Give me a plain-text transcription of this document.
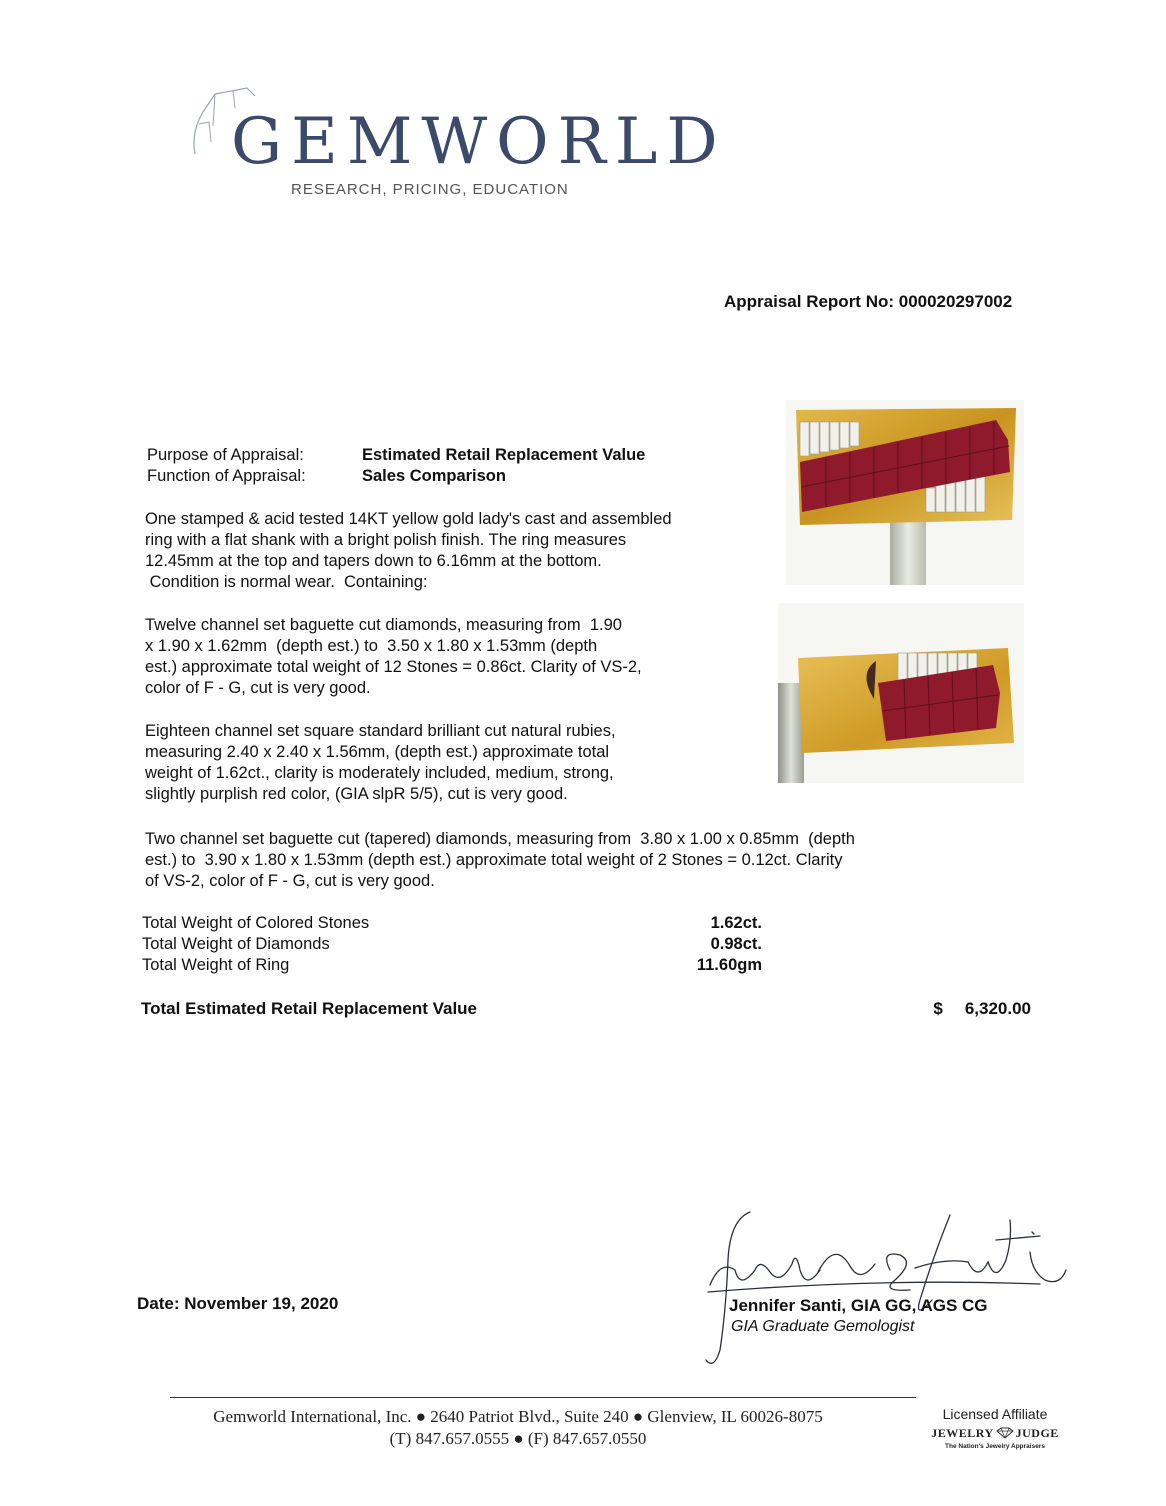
GEMWORLD
RESEARCH, PRICING, EDUCATION
Appraisal Report No: 000020297002
Purpose of Appraisal:	Estimated Retail Replacement Value
Function of Appraisal:	Sales Comparison
One stamped & acid tested 14KT yellow gold lady's cast and assembled
ring with a flat shank with a bright polish finish. The ring measures
12.45mm at the top and tapers down to 6.16mm at the bottom.
Condition is normal wear.  Containing:
Twelve channel set baguette cut diamonds, measuring from  1.90
x 1.90 x 1.62mm  (depth est.) to  3.50 x 1.80 x 1.53mm (depth
est.) approximate total weight of 12 Stones = 0.86ct. Clarity of VS-2,
color of F - G, cut is very good.
Eighteen channel set square standard brilliant cut natural rubies,
measuring 2.40 x 2.40 x 1.56mm, (depth est.) approximate total
weight of 1.62ct., clarity is moderately included, medium, strong,
slightly purplish red color, (GIA slpR 5/5), cut is very good.
Two channel set baguette cut (tapered) diamonds, measuring from  3.80 x 1.00 x 0.85mm  (depth
est.) to  3.90 x 1.80 x 1.53mm (depth est.) approximate total weight of 2 Stones = 0.12ct. Clarity
of VS-2, color of F - G, cut is very good.
Total Weight of Colored Stones	1.62ct.
Total Weight of Diamonds	0.98ct.
Total Weight of Ring	11.60gm
Total Estimated Retail Replacement Value	$ 6,320.00
Date: November 19, 2020	Jennifer Santi, GIA GG, AGS CG
GIA Graduate Gemologist
Gemworld International, Inc. ● 2640 Patriot Blvd., Suite 240 ● Glenview, IL 60026-8075
(T) 847.657.0555 ● (F) 847.657.0550
Licensed Affiliate
JEWELRY JUDGE
The Nation's Jewelry Appraisers
